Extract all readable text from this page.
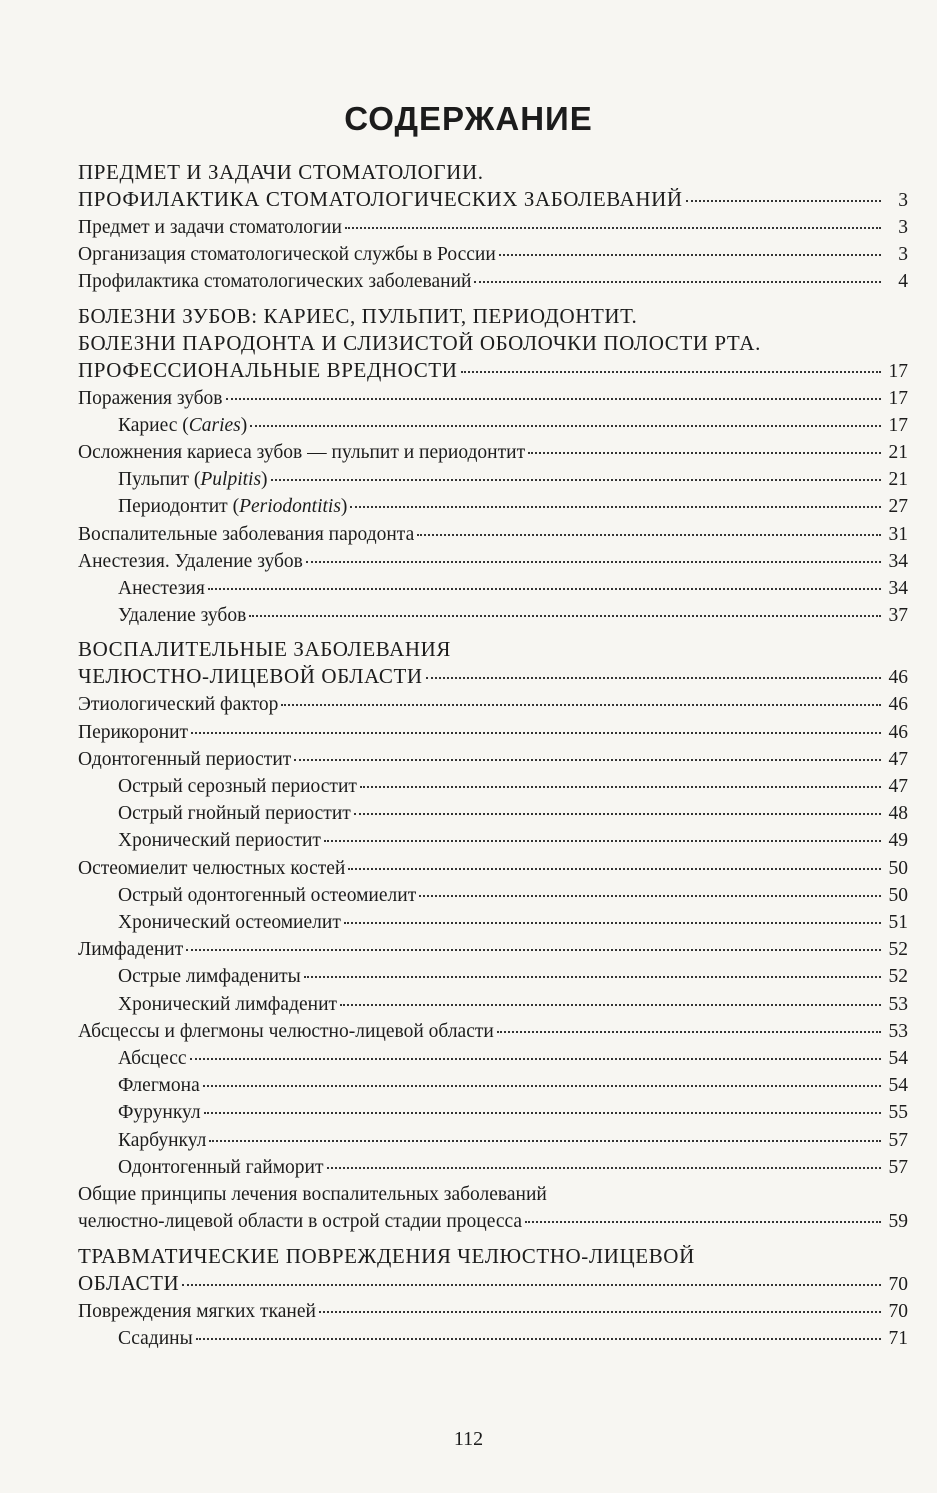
СОДЕРЖАНИЕ
ПРЕДМЕТ И ЗАДАЧИ СТОМАТОЛОГИИ.
ПРОФИЛАКТИКА СТОМАТОЛОГИЧЕСКИХ ЗАБОЛЕВАНИЙ	3
Предмет и задачи стоматологии	3
Организация стоматологической службы в России	3
Профилактика стоматологических заболеваний	4
БОЛЕЗНИ ЗУБОВ: КАРИЕС, ПУЛЬПИТ, ПЕРИОДОНТИТ.
БОЛЕЗНИ ПАРОДОНТА И СЛИЗИСТОЙ ОБОЛОЧКИ ПОЛОСТИ РТА.
ПРОФЕССИОНАЛЬНЫЕ ВРЕДНОСТИ	17
Поражения зубов	17
Кариес (Caries)	17
Осложнения кариеса зубов — пульпит и периодонтит	21
Пульпит (Pulpitis)	21
Периодонтит (Periodontitis)	27
Воспалительные заболевания пародонта	31
Анестезия. Удаление зубов	34
Анестезия	34
Удаление зубов	37
ВОСПАЛИТЕЛЬНЫЕ ЗАБОЛЕВАНИЯ
ЧЕЛЮСТНО-ЛИЦЕВОЙ ОБЛАСТИ	46
Этиологический фактор	46
Перикоронит	46
Одонтогенный периостит	47
Острый серозный периостит	47
Острый гнойный периостит	48
Хронический периостит	49
Остеомиелит челюстных костей	50
Острый одонтогенный остеомиелит	50
Хронический остеомиелит	51
Лимфаденит	52
Острые лимфадениты	52
Хронический лимфаденит	53
Абсцессы и флегмоны челюстно-лицевой области	53
Абсцесс	54
Флегмона	54
Фурункул	55
Карбункул	57
Одонтогенный гайморит	57
Общие принципы лечения воспалительных заболеваний
челюстно-лицевой области в острой стадии процесса	59
ТРАВМАТИЧЕСКИЕ ПОВРЕЖДЕНИЯ ЧЕЛЮСТНО-ЛИЦЕВОЙ
ОБЛАСТИ	70
Повреждения мягких тканей	70
Ссадины	71
112
